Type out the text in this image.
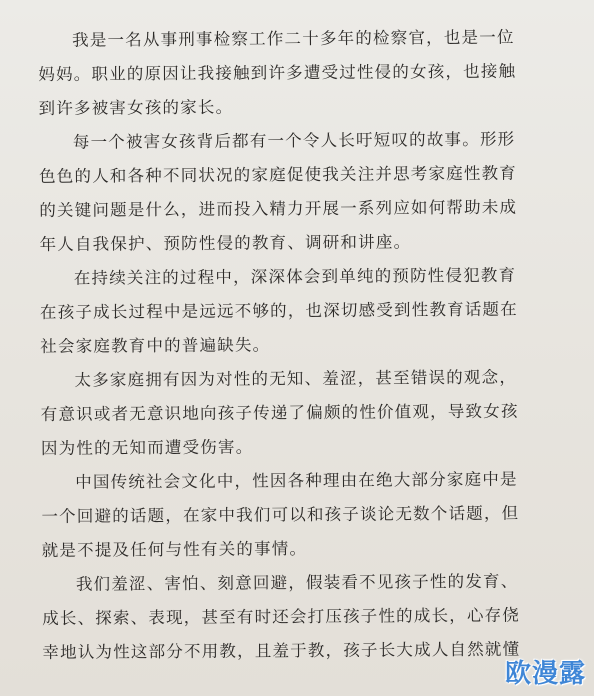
我是一名从事刑事检察工作二十多年的检察官，也是一位
妈妈。职业的原因让我接触到许多遭受过性侵的女孩，也接触
到许多被害女孩的家长。
每一个被害女孩背后都有一个令人长吁短叹的故事。形形
色色的人和各种不同状况的家庭促使我关注并思考家庭性教育
的关键问题是什么，进而投入精力开展一系列应如何帮助未成
年人自我保护、预防性侵的教育、调研和讲座。
在持续关注的过程中，深深体会到单纯的预防性侵犯教育
在孩子成长过程中是远远不够的，也深切感受到性教育话题在
社会家庭教育中的普遍缺失。
太多家庭拥有因为对性的无知、羞涩，甚至错误的观念，
有意识或者无意识地向孩子传递了偏颇的性价值观，导致女孩
因为性的无知而遭受伤害。
中国传统社会文化中，性因各种理由在绝大部分家庭中是
一个回避的话题，在家中我们可以和孩子谈论无数个话题，但
就是不提及任何与性有关的事情。
我们羞涩、害怕、刻意回避，假装看不见孩子性的发育、
成长、探索、表现，甚至有时还会打压孩子性的成长，心存侥
幸地认为性这部分不用教，且羞于教，孩子长大成人自然就懂
欧漫露
